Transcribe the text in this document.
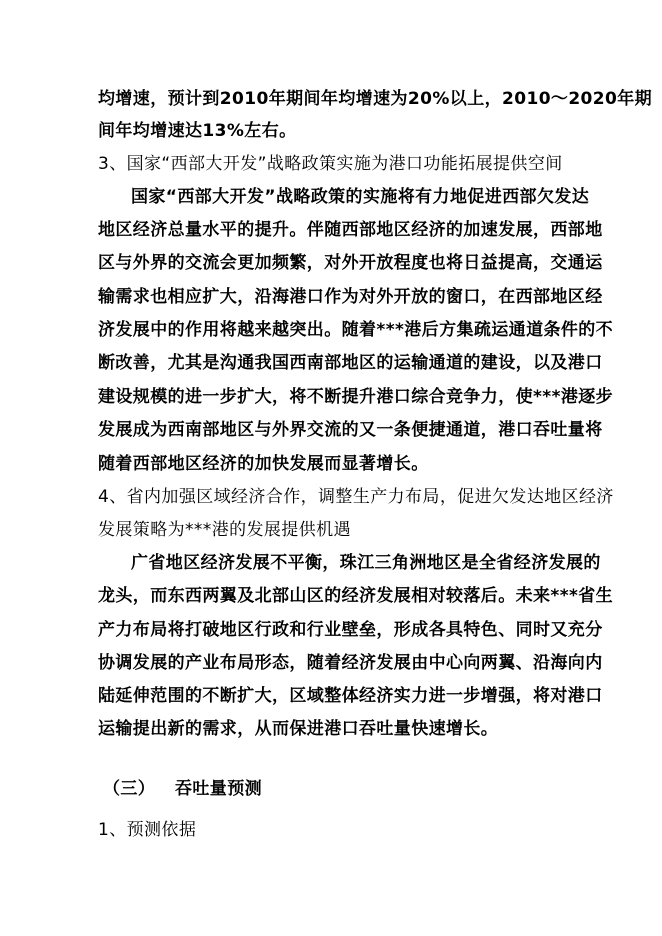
均增速，预计到2010年期间年均增速为20%以上，2010～2020年期

间年均增速达13%左右。

3、国家“西部大开发”战略政策实施为港口功能拓展提供空间

国家“西部大开发”战略政策的实施将有力地促进西部欠发达

地区经济总量水平的提升。伴随西部地区经济的加速发展，西部地

区与外界的交流会更加频繁，对外开放程度也将日益提高，交通运

输需求也相应扩大，沿海港口作为对外开放的窗口，在西部地区经

济发展中的作用将越来越突出。随着***港后方集疏运通道条件的不

断改善，尤其是沟通我国西南部地区的运输通道的建设，以及港口

建设规模的进一步扩大，将不断提升港口综合竞争力，使***港逐步

发展成为西南部地区与外界交流的又一条便捷通道，港口吞吐量将

随着西部地区经济的加快发展而显著增长。

4、省内加强区域经济合作，调整生产力布局，促进欠发达地区经济

发展策略为***港的发展提供机遇

广省地区经济发展不平衡，珠江三角洲地区是全省经济发展的

龙头，而东西两翼及北部山区的经济发展相对较落后。未来***省生

产力布局将打破地区行政和行业壁垒，形成各具特色、同时又充分

协调发展的产业布局形态，随着经济发展由中心向两翼、沿海向内

陆延伸范围的不断扩大，区域整体经济实力进一步增强，将对港口

运输提出新的需求，从而保进港口吞吐量快速增长。

（三） 吞吐量预测

1、预测依据
